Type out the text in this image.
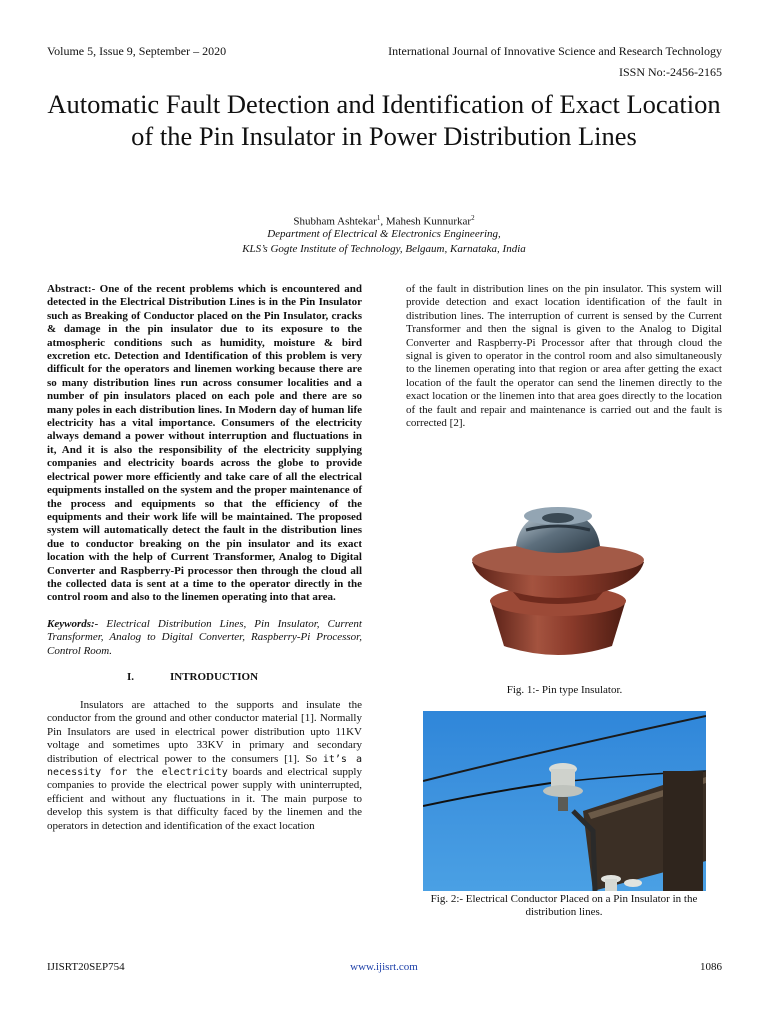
Volume 5, Issue 9, September – 2020	International Journal of Innovative Science and Research Technology
ISSN No:-2456-2165
Automatic Fault Detection and Identification of Exact Location of the Pin Insulator in Power Distribution Lines
Shubham Ashtekar$^1$, Mahesh Kunnurkar$^2$
Department of Electrical & Electronics Engineering,
KLS’s Gogte Institute of Technology, Belgaum, Karnataka, India

Abstract:- One of the recent problems which is encountered and detected in the Electrical Distribution Lines is in the Pin Insulator such as Breaking of Conductor placed on the Pin Insulator, cracks & damage in the pin insulator due to its exposure to the atmospheric conditions such as humidity, moisture & bird excretion etc. Detection and Identification of this problem is very difficult for the operators and linemen working because there are so many distribution lines run across consumer localities and a number of pin insulators placed on each pole and there are so many poles in each distribution lines. In Modern day of human life electricity has a vital importance. Consumers of the electricity always demand a power without interruption and fluctuations in it, And it is also the responsibility of the electricity supplying companies and electricity boards across the globe to provide electrical power more efficiently and take care of all the electrical equipments installed on the system and the proper maintenance of the process and equipments so that the efficiency of the equipments and their work life will be maintained. The proposed system will automatically detect the fault in the distribution lines due to conductor breaking on the pin insulator and its exact location with the help of Current Transformer, Analog to Digital Converter and Raspberry-Pi processor then through the cloud all the collected data is sent at a time to the operator directly in the control room and also to the linemen operating into that area.

Keywords:- Electrical Distribution Lines, Pin Insulator, Current Transformer, Analog to Digital Converter, Raspberry-Pi Processor, Control Room.

I.	INTRODUCTION

Insulators are attached to the supports and insulate the conductor from the ground and other conductor material [1]. Normally Pin Insulators are used in electrical power distribution upto 11KV voltage and sometimes upto 33KV in primary and secondary distribution of electrical power to the consumers [1]. So it’s a necessity for the electricity boards and electrical supply companies to provide the electrical power supply with uninterrupted, efficient and without any fluctuations in it. The main purpose to develop this system is that difficulty faced by the linemen and the operators in detection and identification of the exact location

of the fault in distribution lines on the pin insulator. This system will provide detection and exact location identification of the fault in distribution lines. The interruption of current is sensed by the Current Transformer and then the signal is given to the Analog to Digital Converter and Raspberry-Pi Processor after that through cloud the signal is given to operator in the control room and also simultaneously to the linemen operating into that region or area after getting the exact location of the fault the operator can send the linemen directly to the exact location or the linemen into that area goes directly to the location of the fault and repair and maintenance is carried out and the fault is corrected [2].

Fig. 1:- Pin type Insulator.
Fig. 2:- Electrical Conductor Placed on a Pin Insulator in the distribution lines.
IJISRT20SEP754	www.ijisrt.com	1086
